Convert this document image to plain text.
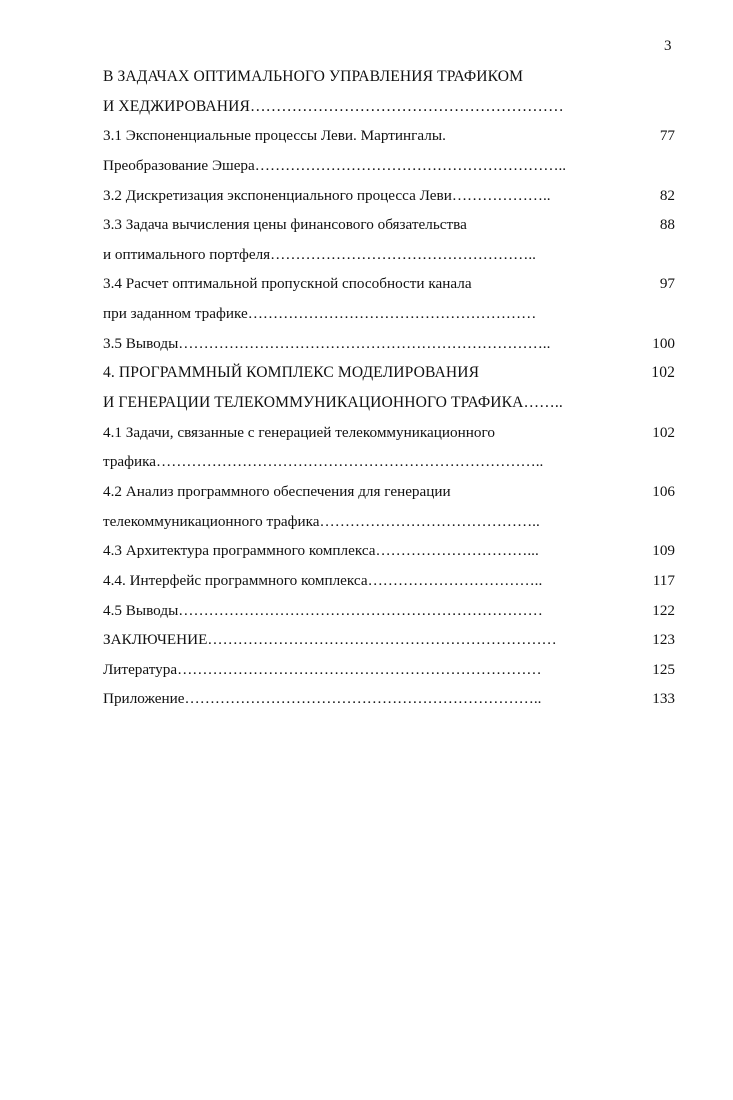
3
В ЗАДАЧАХ ОПТИМАЛЬНОГО УПРАВЛЕНИЯ ТРАФИКОМ
И ХЕДЖИРОВАНИЯ……………………………………………………
3.1 Экспоненциальные процессы Леви. Мартингалы.	77
Преобразование Эшера……………………………………………………..
3.2 Дискретизация экспоненциального процесса Леви………………..	82
3.3 Задача вычисления цены финансового обязательства	88
и оптимального портфеля……………………………………………..
3.4 Расчет оптимальной пропускной способности канала	97
при заданном трафике…………………………………………………
3.5 Выводы………………………………………………………………..	100
4. ПРОГРАММНЫЙ КОМПЛЕКС МОДЕЛИРОВАНИЯ	102
И ГЕНЕРАЦИИ ТЕЛЕКОММУНИКАЦИОННОГО ТРАФИКА……..
4.1 Задачи, связанные с генерацией телекоммуникационного	102
трафика…………………………………………………………………..
4.2 Анализ программного обеспечения для генерации	106
телекоммуникационного трафика……………………………………..
4.3 Архитектура программного комплекса…………………………...	109
4.4. Интерфейс программного комплекса……………………………..	117
4.5 Выводы………………………………………………………………	122
ЗАКЛЮЧЕНИЕ……………………………………………………………	123
Литература………………………………………………………………	125
Приложение……………………………………………………………..	133
